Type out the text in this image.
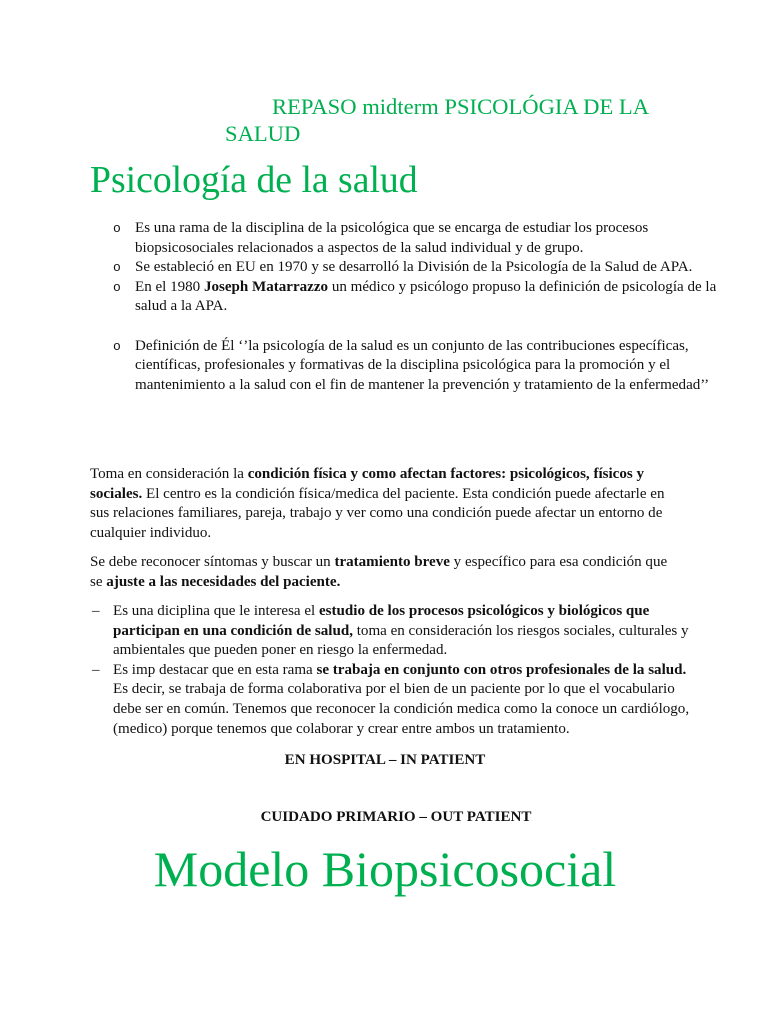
REPASO midterm PSICOLÓGIA DE LA SALUD
Psicología de la salud
o Es una rama de la disciplina de la psicológica que se encarga de estudiar los procesos biopsicosociales relacionados a aspectos de la salud individual y de grupo.
o Se estableció en EU en 1970 y se desarrolló la División de la Psicología de la Salud de APA.
o En el 1980 Joseph Matarrazzo un médico y psicólogo propuso la definición de psicología de la salud a la APA.
o Definición de Él ‘’la psicología de la salud es un conjunto de las contribuciones específicas, científicas, profesionales y formativas de la disciplina psicológica para la promoción y el mantenimiento a la salud con el fin de mantener la prevención y tratamiento de la enfermedad’’

Toma en consideración la condición física y como afectan factores: psicológicos, físicos y sociales. El centro es la condición física/medica del paciente. Esta condición puede afectarle en sus relaciones familiares, pareja, trabajo y ver como una condición puede afectar un entorno de cualquier individuo.

Se debe reconocer síntomas y buscar un tratamiento breve y específico para esa condición que se ajuste a las necesidades del paciente.

– Es una diciplina que le interesa el estudio de los procesos psicológicos y biológicos que participan en una condición de salud, toma en consideración los riesgos sociales, culturales y ambientales que pueden poner en riesgo la enfermedad.
– Es imp destacar que en esta rama se trabaja en conjunto con otros profesionales de la salud. Es decir, se trabaja de forma colaborativa por el bien de un paciente por lo que el vocabulario debe ser en común. Tenemos que reconocer la condición medica como la conoce un cardiólogo, (medico) porque tenemos que colaborar y crear entre ambos un tratamiento.
EN HOSPITAL – IN PATIENT
CUIDADO PRIMARIO – OUT PATIENT
Modelo Biopsicosocial
